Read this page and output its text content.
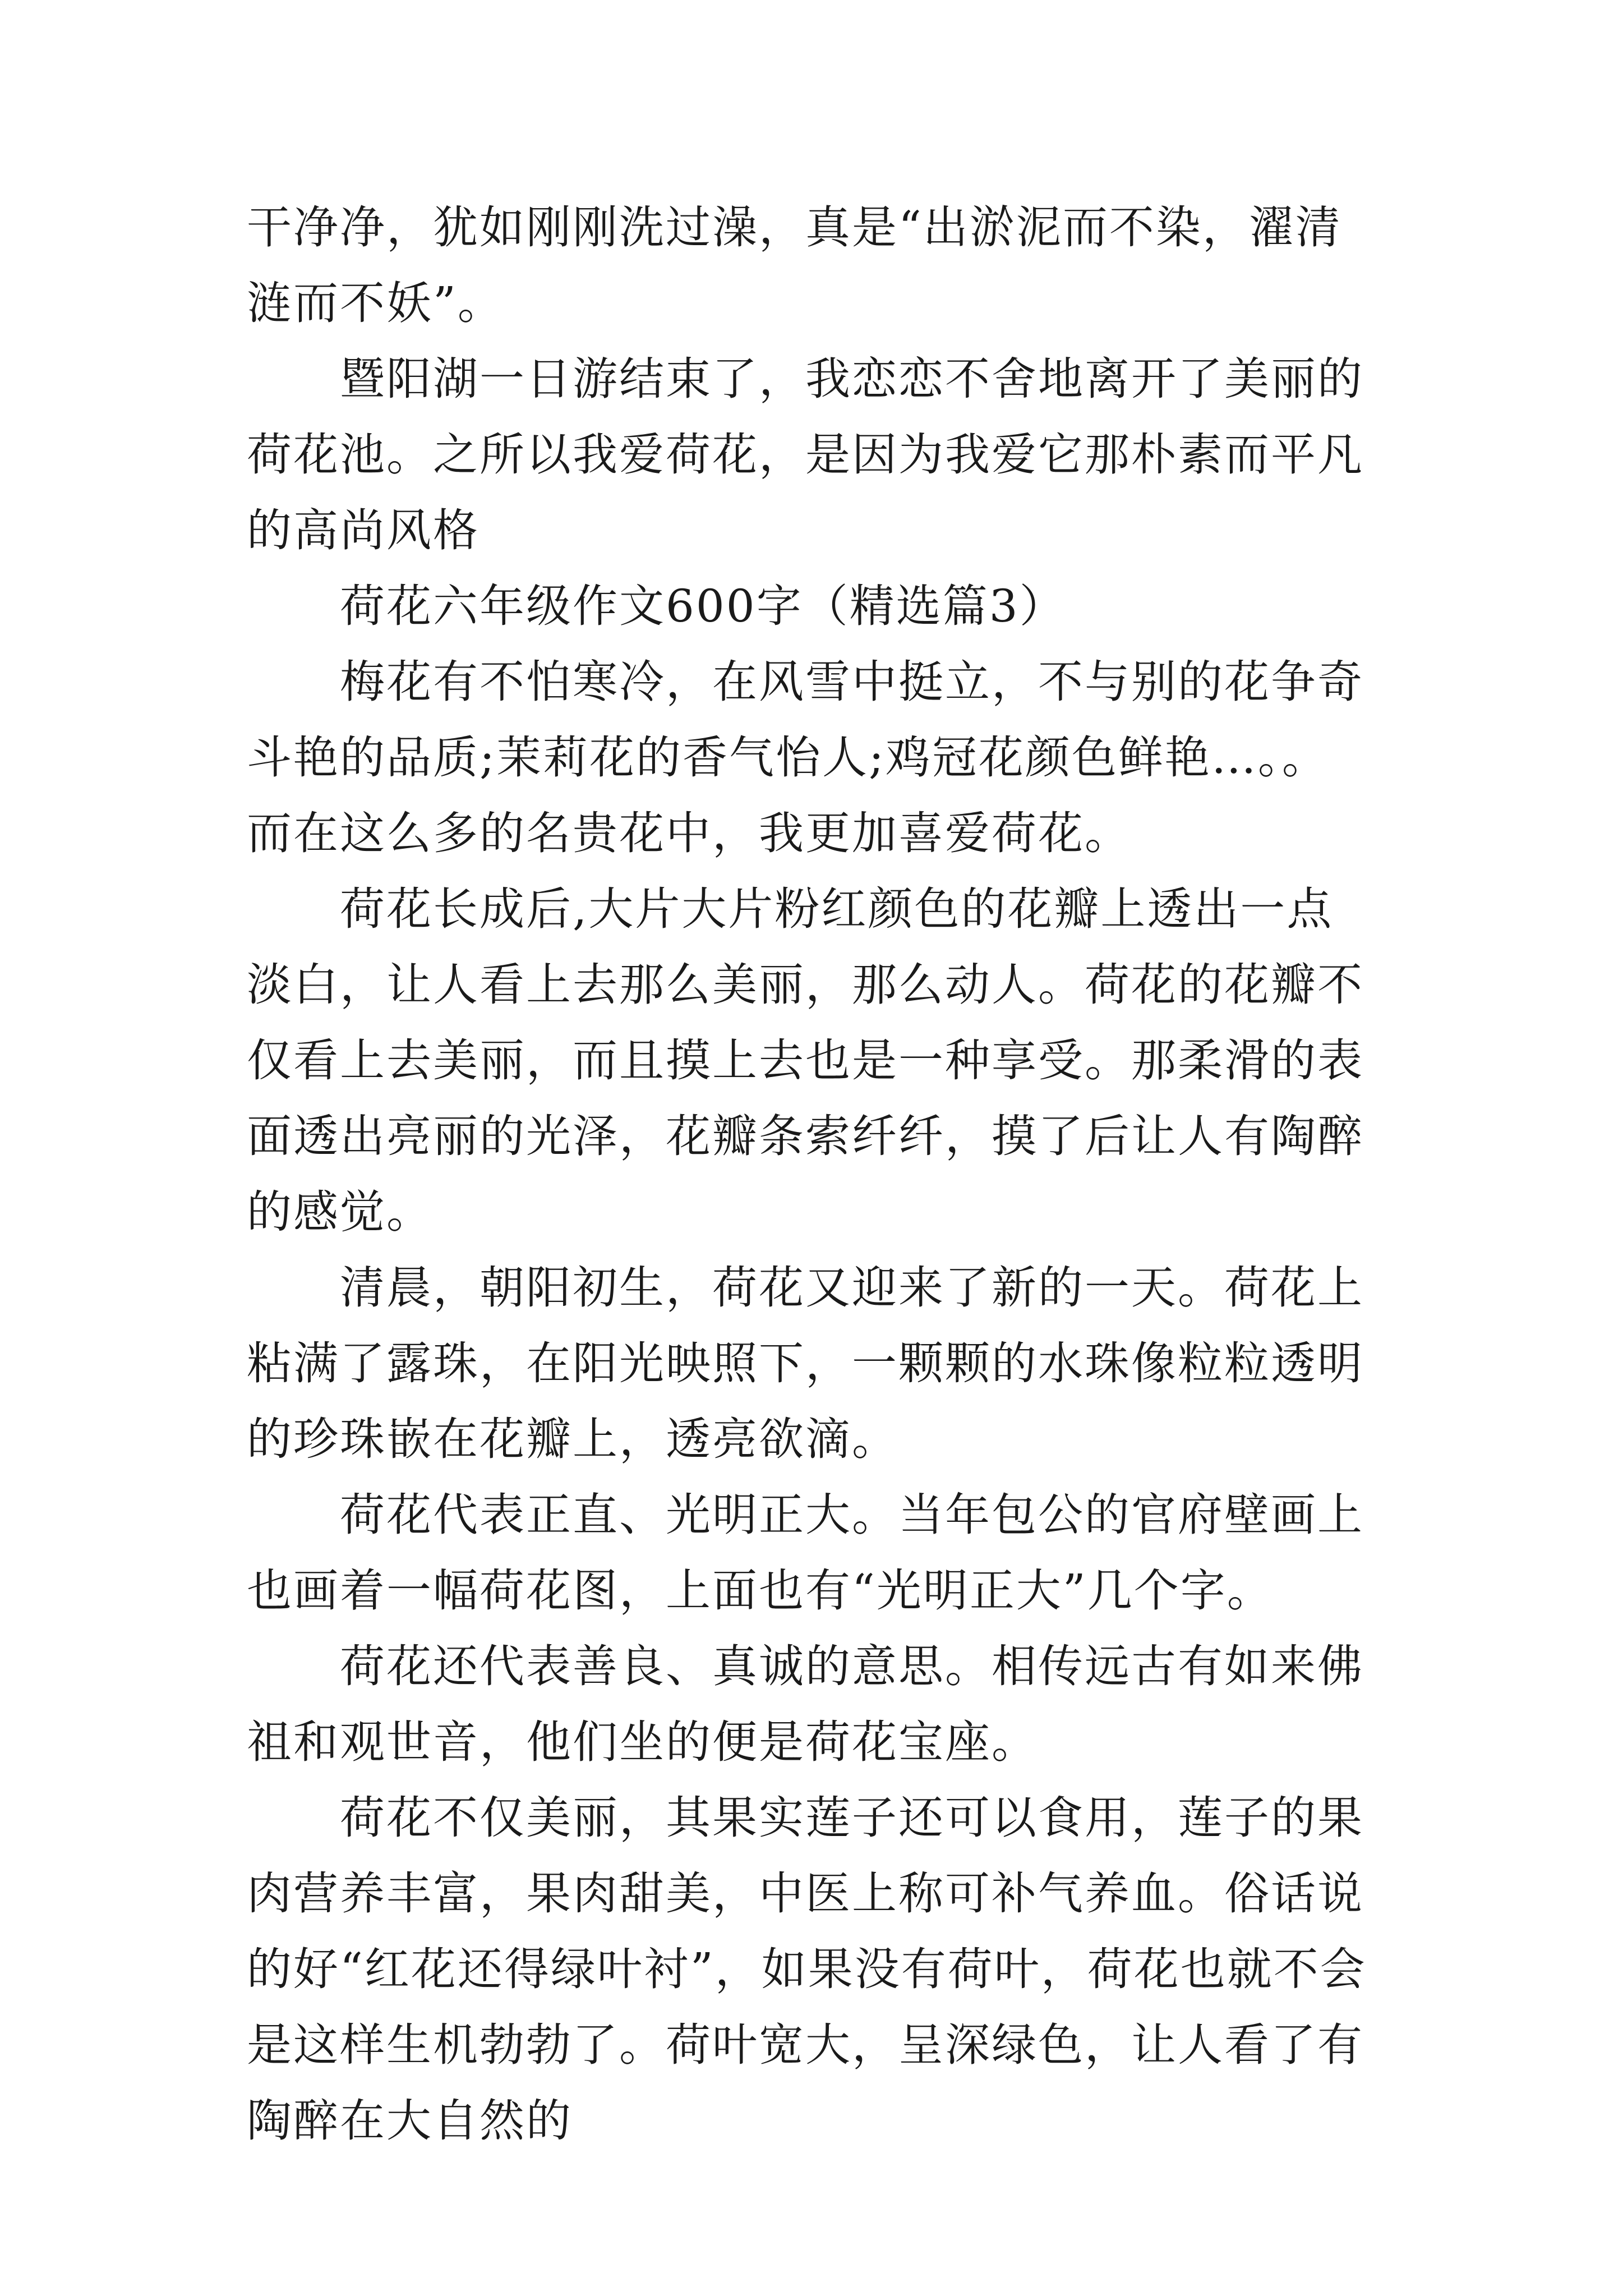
干净净，犹如刚刚洗过澡，真是“出淤泥而不染，濯清涟而不妖”。

暨阳湖一日游结束了，我恋恋不舍地离开了美丽的荷花池。之所以我爱荷花，是因为我爱它那朴素而平凡的高尚风格

荷花六年级作文600字（精选篇3）

梅花有不怕寒冷，在风雪中挺立，不与别的花争奇斗艳的品质;茉莉花的香气怡人;鸡冠花颜色鲜艳…。。而在这么多的名贵花中，我更加喜爱荷花。

荷花长成后,大片大片粉红颜色的花瓣上透出一点淡白，让人看上去那么美丽，那么动人。荷花的花瓣不仅看上去美丽，而且摸上去也是一种享受。那柔滑的表面透出亮丽的光泽，花瓣条索纤纤，摸了后让人有陶醉的感觉。

清晨，朝阳初生，荷花又迎来了新的一天。荷花上粘满了露珠，在阳光映照下，一颗颗的水珠像粒粒透明的珍珠嵌在花瓣上，透亮欲滴。

荷花代表正直、光明正大。当年包公的官府壁画上也画着一幅荷花图，上面也有“光明正大”几个字。

荷花还代表善良、真诚的意思。相传远古有如来佛祖和观世音，他们坐的便是荷花宝座。

荷花不仅美丽，其果实莲子还可以食用，莲子的果肉营养丰富，果肉甜美，中医上称可补气养血。俗话说的好“红花还得绿叶衬”，如果没有荷叶，荷花也就不会是这样生机勃勃了。荷叶宽大，呈深绿色，让人看了有陶醉在大自然的
